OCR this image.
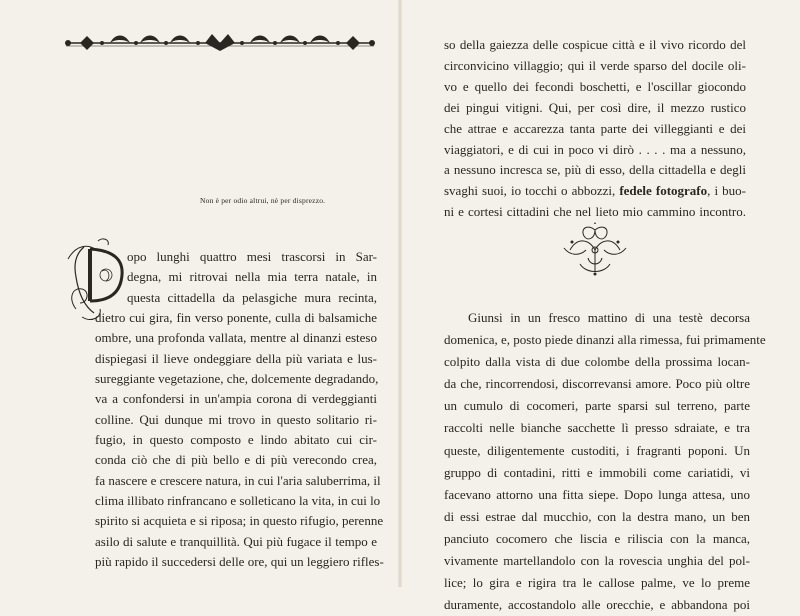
Non è per odio altrui, nè per disprezzo.
opo lunghi quattro mesi trascorsi in Sar-
degna, mi ritrovai nella mia terra natale, in
questa cittadella da pelasgiche mura recinta,
dietro cui gira, fin verso ponente, culla di balsamiche
ombre, una profonda vallata, mentre al dinanzi esteso
dispiegasi il lieve ondeggiare della più variata e lus-
sureggiante vegetazione, che, dolcemente degradando,
va a confondersi in un'ampia corona di verdeggianti
colline. Qui dunque mi trovo in questo solitario ri-
fugio, in questo composto e lindo abitato cui cir-
conda ciò che di più bello e di più verecondo crea,
fa nascere e crescere natura, in cui l'aria saluberrima, il
clima illibato rinfrancano e solleticano la vita, in cui lo
spirito si acquieta e si riposa; in questo rifugio, perenne
asilo di salute e tranquillità. Qui più fugace il tempo e
più rapido il succedersi delle ore, qui un leggiero rifles-
so della gaiezza delle cospicue città e il vivo ricordo del
circonvicino villaggio; qui il verde sparso del docile oli-
vo e quello dei fecondi boschetti, e l'oscillar giocondo
dei pingui vitigni. Qui, per così dire, il mezzo rustico
che attrae e accarezza tanta parte dei villeggianti e dei
viaggiatori, e di cui in poco vi dirò . . . . ma a nessuno,
a nessuno incresca se, più di esso, della cittadella e degli
svaghi suoi, io tocchi o abbozzi, fedele fotografo, i buo-
ni e cortesi cittadini che nel lieto mio cammino incontro.
Giunsi in un fresco mattino di una testè decorsa
domenica, e, posto piede dinanzi alla rimessa, fui primamente
colpito dalla vista di due colombe della prossima locan-
da che, rincorrendosi, discorrevansi amore. Poco più oltre
un cumulo di cocomeri, parte sparsi sul terreno, parte
raccolti nelle bianche sacchette lì presso sdraiate, e tra
queste, diligentemente custoditi, i fragranti poponi. Un
gruppo di contadini, ritti e immobili come cariatidi, vi
facevano attorno una fitta siepe. Dopo lunga attesa, uno
di essi estrae dal mucchio, con la destra mano, un ben
panciuto cocomero che liscia e riliscia con la manca,
vivamente martellandolo con la rovescia unghia del pol-
lice; lo gira e rigira tra le callose palme, ve lo preme
duramente, accostandolo alle orecchie, e abbandona poi
